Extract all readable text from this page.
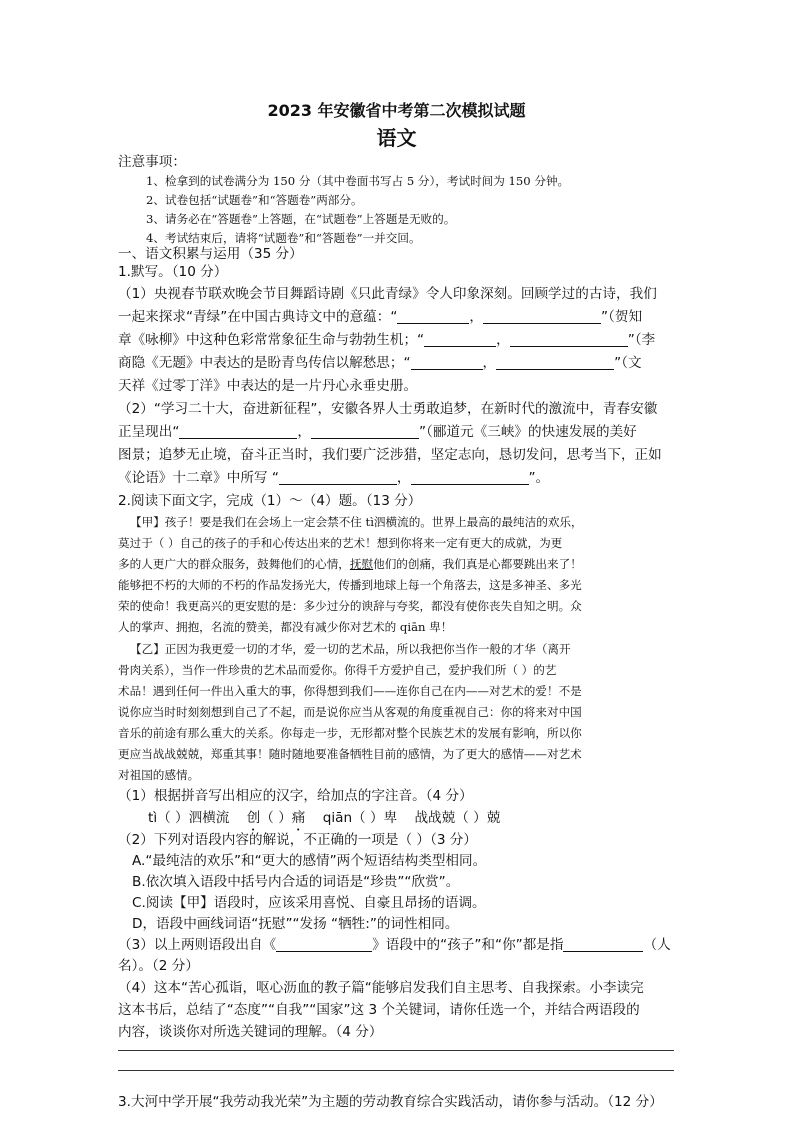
2023 年安徽省中考第二次模拟试题
语文
注意事项：
1、检拿到的试卷满分为 150 分（其中卷面书写占 5 分），考试时间为 150 分钟。
2、试卷包括“试题卷”和“答题卷”两部分。
3、请务必在“答题卷”上答题，在“试题卷”上答题是无败的。
4、考试结束后，请将“试题卷”和“答题卷”一并交回。
一、语文积累与运用（35 分）
1.默写。（10 分）
（1）央视春节联欢晚会节目舞蹈诗剧《只此青绿》令人印象深刻。回顾学过的古诗，我们
一起来探求“青绿”在中国古典诗文中的意蕴：“	，	”（贺知
章《咏柳》中这种色彩常常象征生命与勃勃生机；“	，	”（李
商隐《无题》中表达的是盼青鸟传信以解愁思；“	，	”（文
天祥《过零丁洋》中表达的是一片丹心永垂史册。
（2）“学习二十大，奋进新征程”，安徽各界人士勇敢追梦，在新时代的激流中，青春安徽
正呈现出“	，	”（郦道元《三峡》的快速发展的美好
图景；追梦无止境，奋斗正当时，我们要广泛涉猎，坚定志向，恳切发问，思考当下，正如
《论语》十二章》中所写 “	，	”。
2.阅读下面文字，完成（1）～（4）题。（13 分）
【甲】孩子！要是我们在会场上一定会禁不住 tì泗横流的。世界上最高的最纯洁的欢乐，
莫过于（ ）自己的孩子的手和心传达出来的艺术！想到你将来一定有更大的成就，为更
多的人更广大的群众服务，鼓舞他们的心情，抚慰他们的创痛，我们真是心都要跳出来了！
能够把不朽的大师的不朽的作品发扬光大，传播到地球上每一个角落去，这是多神圣、多光
荣的使命！我更高兴的更安慰的是：多少过分的谀辞与夸奖，都没有使你丧失自知之明。众
人的掌声、拥抱，名流的赞美，都没有减少你对艺术的 qiān 卑！
【乙】正因为我更爱一切的才华，爱一切的艺术品，所以我把你当作一般的才华（离开
骨肉关系），当作一件珍贵的艺术品而爱你。你得千方爱护自己，爱护我们所（ ）的艺
术品！遇到任何一件出入重大的事，你得想到我们——连你自己在内——对艺术的爱！不是
说你应当时时刻刻想到自己了不起，而是说你应当从客观的角度重视自己：你的将来对中国
音乐的前途有那么重大的关系。你每走一步，无形都对整个民族艺术的发展有影响，所以你
更应当战战兢兢，郑重其事！随时随地要准备牺牲目前的感情，为了更大的感情——对艺术
对祖国的感情。
（1）根据拼音写出相应的汉字，给加点的字注音。（4 分）
tì（ ）泗横流 创（ ）痛 qiān（ ）卑 战战兢（ ）兢
（2）下列对语段内容的解说，不正确的一项是（ ）（3 分）
A.“最纯洁的欢乐”和“更大的感情”两个短语结构类型相同。
B.依次填入语段中括号内合适的词语是“珍贵”“欣赏”。
C.阅读【甲】语段时，应该采用喜悦、自豪且昂扬的语调。
D，语段中画线词语“抚慰”“发扬 “牺牲:”的词性相同。
（3）以上两则语段出自《	》语段中的“孩子”和“你”都是指	（人
名）。（2 分）
（4）这本“苦心孤诣，呕心沥血的教子篇“能够启发我们自主思考、自我探索。小李读完
这本书后，总结了“态度”“自我”“国家”这 3 个关键词，请你任选一个，并结合两语段的
内容，谈谈你对所选关键词的理解。（4 分）
3.大河中学开展“我劳动我光荣”为主题的劳动教育综合实践活动，请你参与活动。（12 分）
